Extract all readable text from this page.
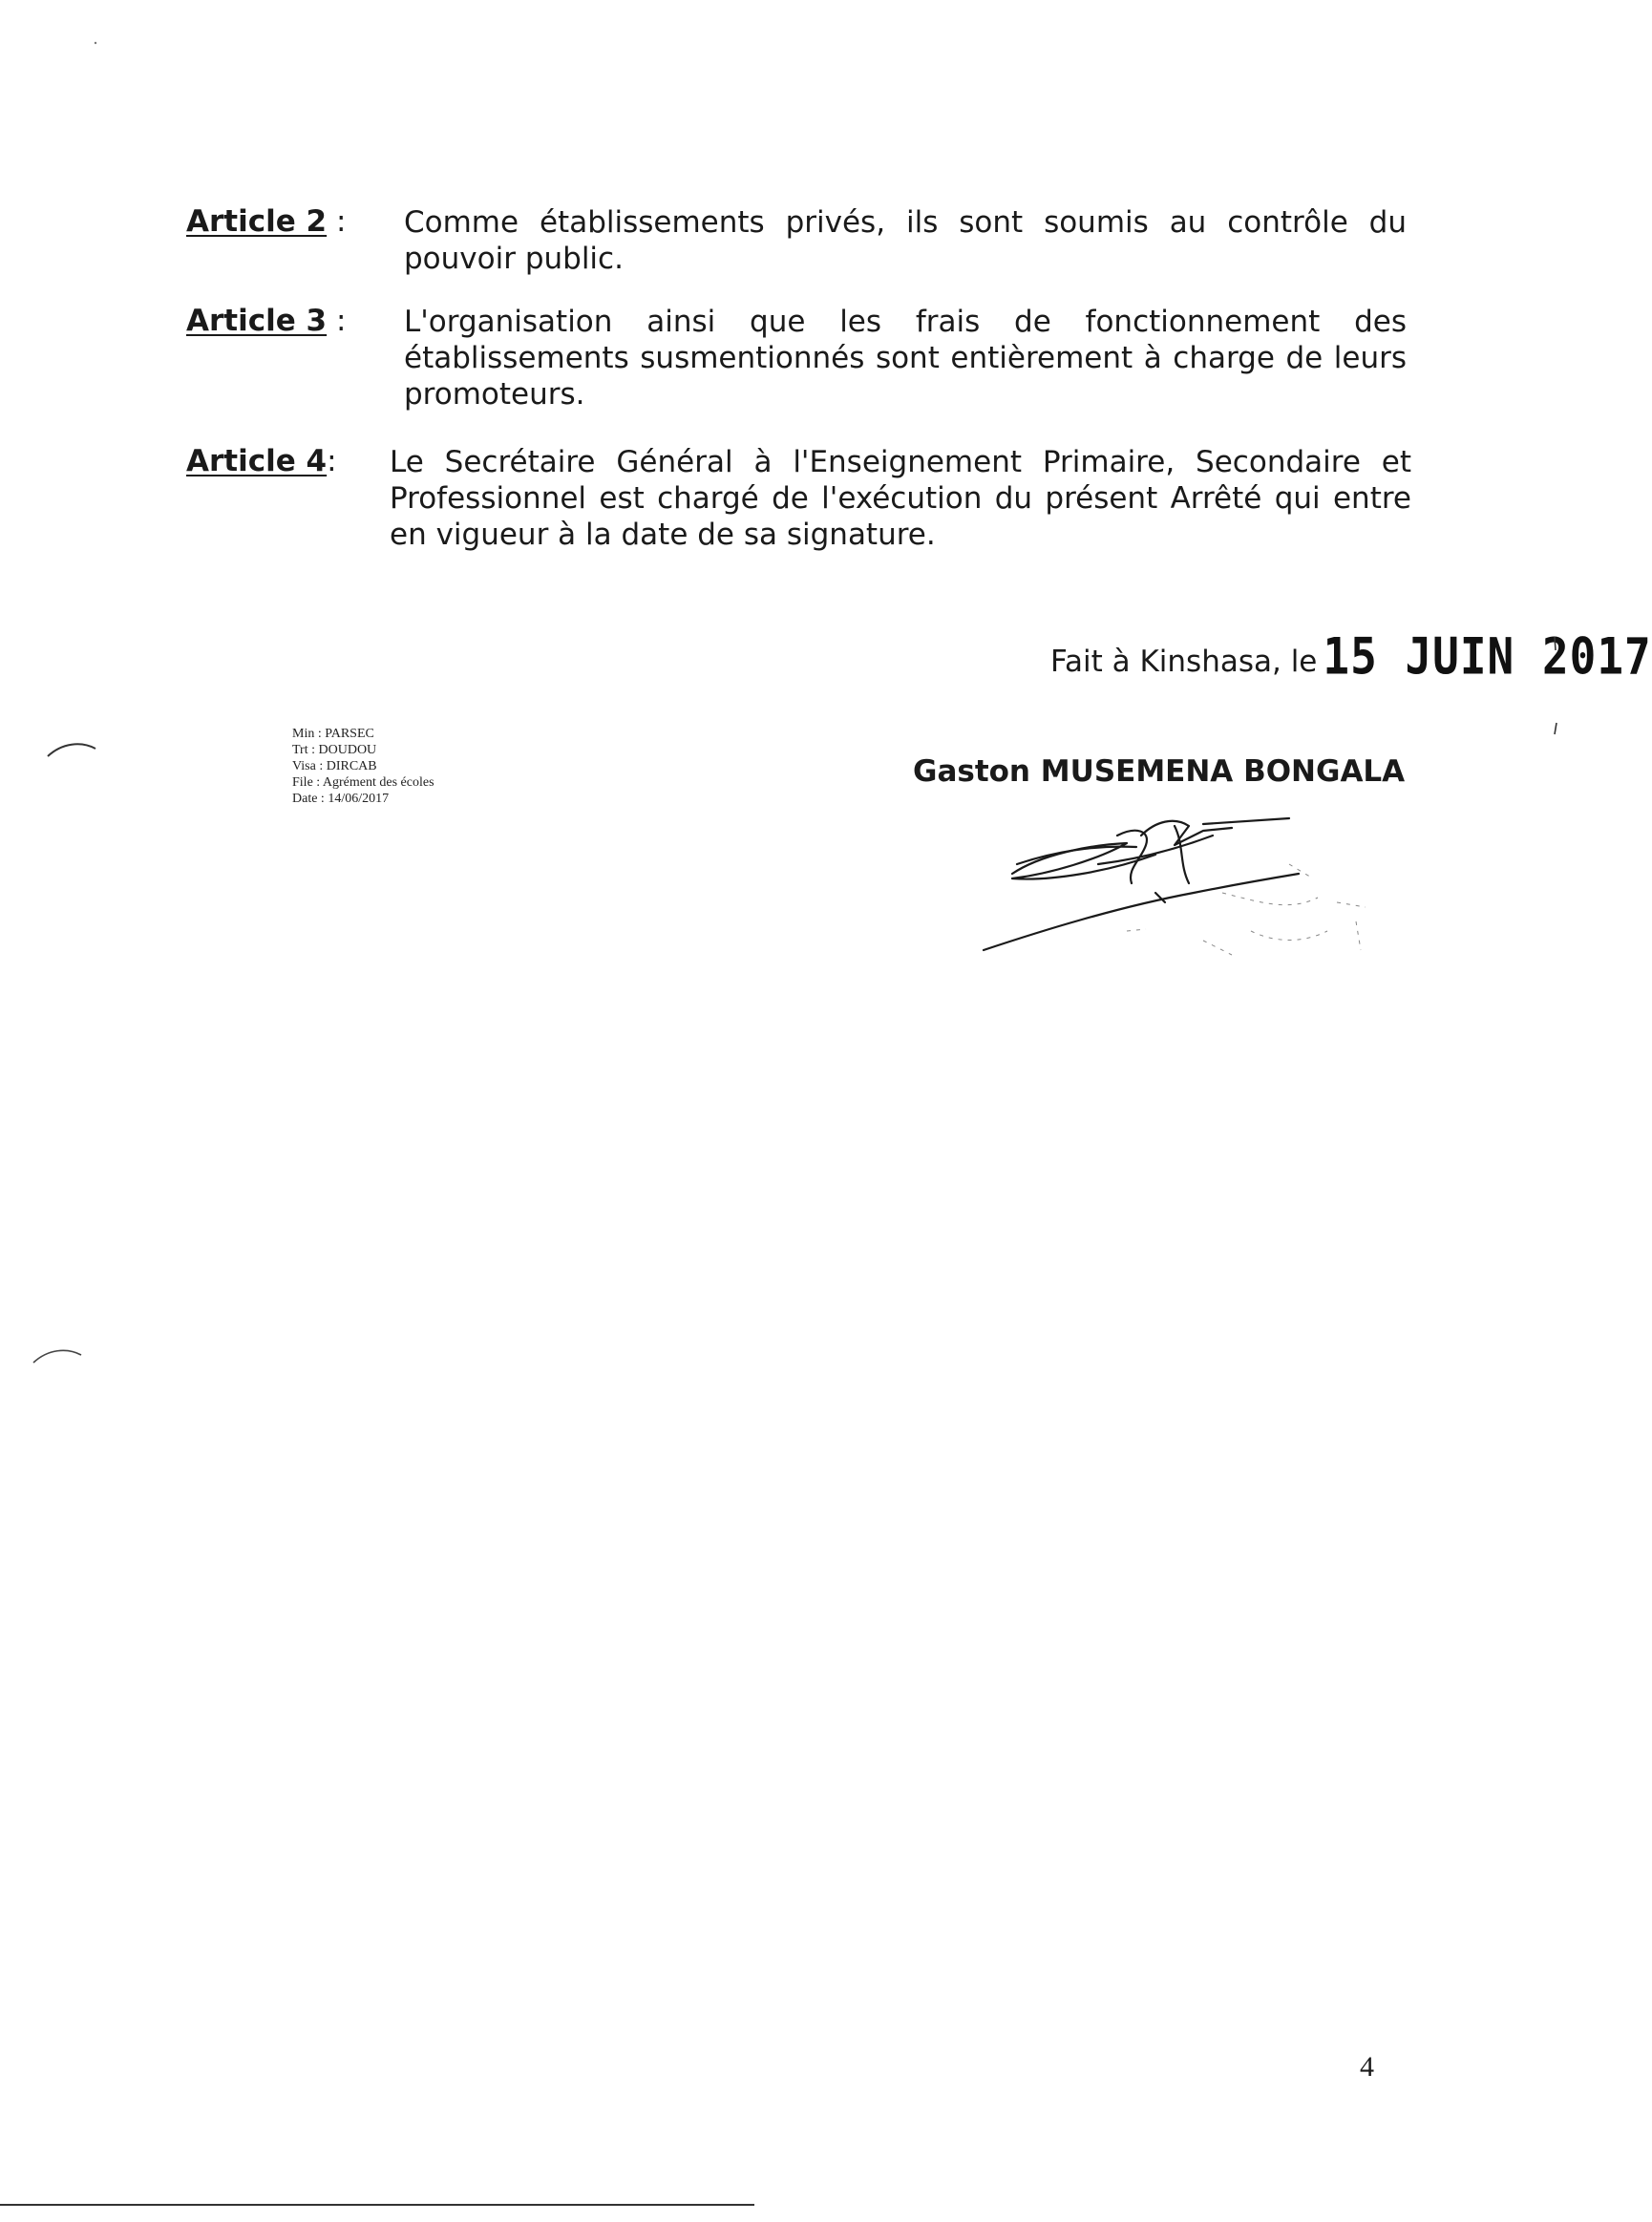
Article 2 : Comme établissements privés, ils sont soumis au contrôle du pouvoir public.
Article 3 : L'organisation ainsi que les frais de fonctionnement des établissements susmentionnés sont entièrement à charge de leurs promoteurs.
Article 4: Le Secrétaire Général à l'Enseignement Primaire, Secondaire et Professionnel est chargé de l'exécution du présent Arrêté qui entre en vigueur à la date de sa signature.
Fait à Kinshasa, le 15 JUIN 2017
Min : PARSEC
Trt : DOUDOU
Visa : DIRCAB
File : Agrément des écoles
Date : 14/06/2017
Gaston MUSEMENA BONGALA
4
